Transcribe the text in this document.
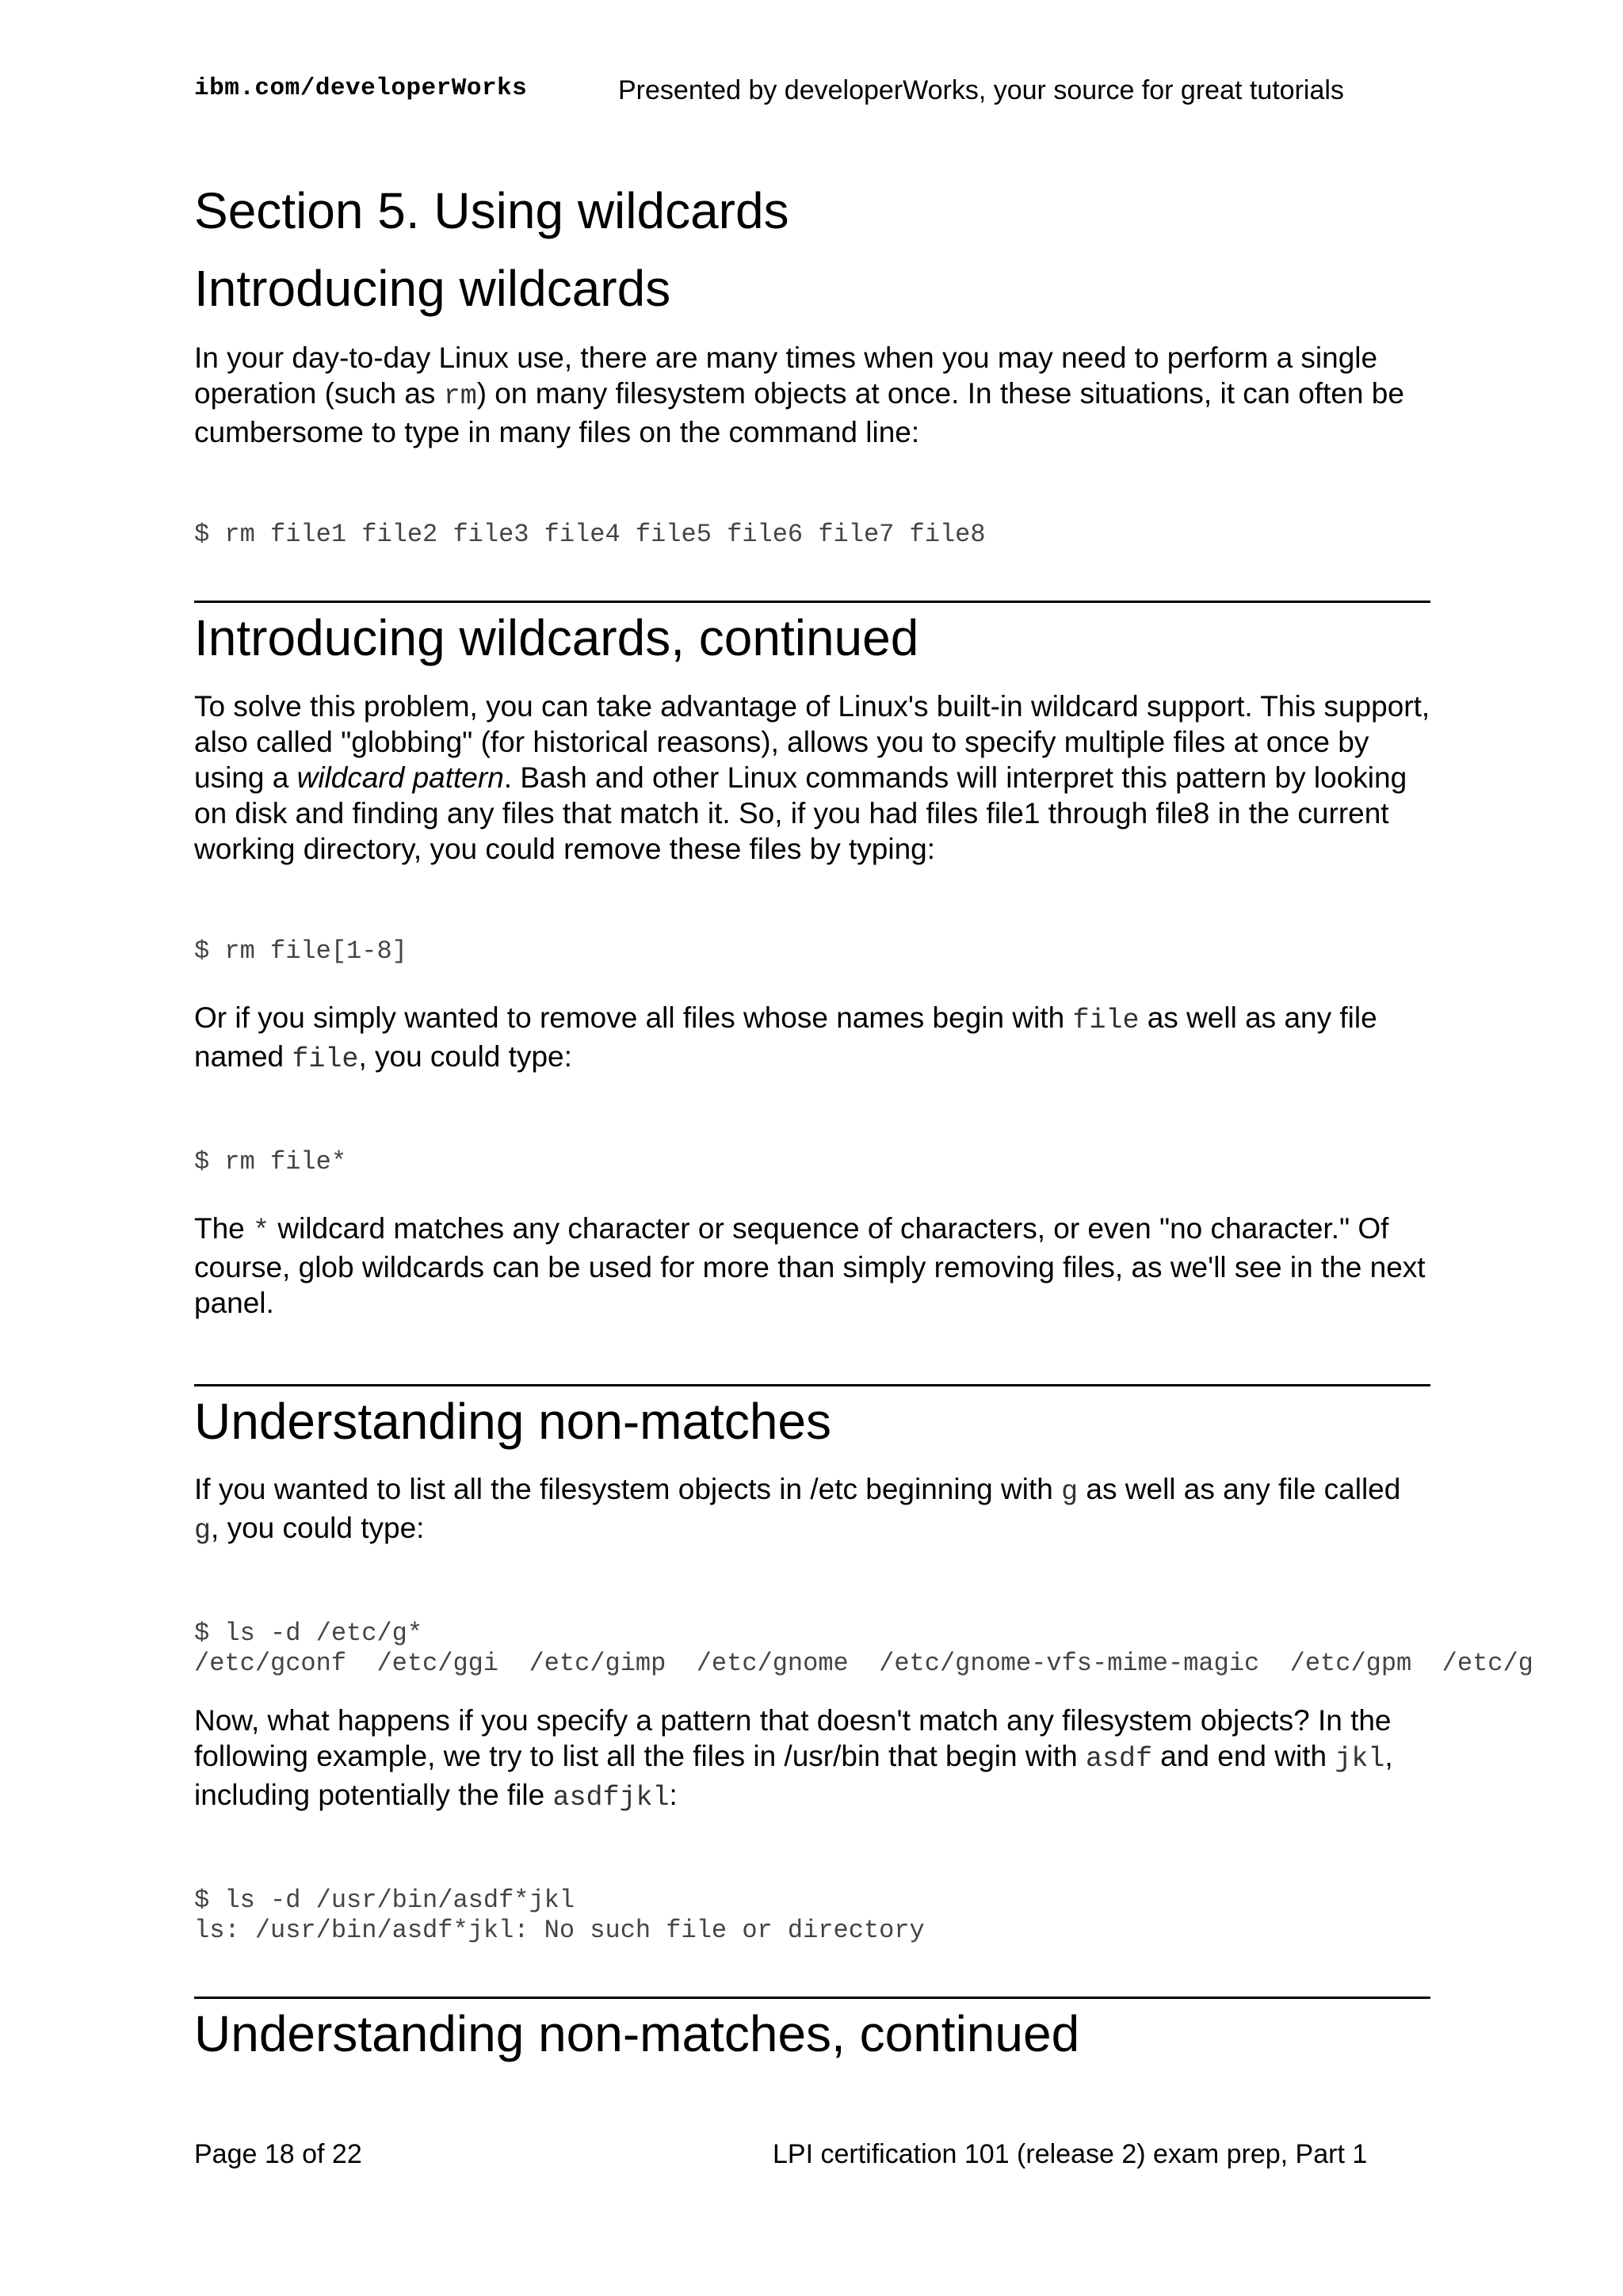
ibm.com/developerWorks	Presented by developerWorks, your source for great tutorials
Section 5. Using wildcards
Introducing wildcards

In your day-to-day Linux use, there are many times when you may need to perform a single operation (such as rm) on many filesystem objects at once. In these situations, it can often be cumbersome to type in many files on the command line:

$ rm file1 file2 file3 file4 file5 file6 file7 file8
Introducing wildcards, continued

To solve this problem, you can take advantage of Linux's built-in wildcard support. This support, also called "globbing" (for historical reasons), allows you to specify multiple files at once by using a wildcard pattern. Bash and other Linux commands will interpret this pattern by looking on disk and finding any files that match it. So, if you had files file1 through file8 in the current working directory, you could remove these files by typing:

$ rm file[1-8]

Or if you simply wanted to remove all files whose names begin with file as well as any file named file, you could type:

$ rm file*

The * wildcard matches any character or sequence of characters, or even "no character." Of course, glob wildcards can be used for more than simply removing files, as we'll see in the next panel.

Understanding non-matches

If you wanted to list all the filesystem objects in /etc beginning with g as well as any file called g, you could type:

$ ls -d /etc/g*
/etc/gconf  /etc/ggi  /etc/gimp  /etc/gnome  /etc/gnome-vfs-mime-magic  /etc/gpm  /etc/g

Now, what happens if you specify a pattern that doesn't match any filesystem objects? In the following example, we try to list all the files in /usr/bin that begin with asdf and end with jkl, including potentially the file asdfjkl:

$ ls -d /usr/bin/asdf*jkl
ls: /usr/bin/asdf*jkl: No such file or directory
Understanding non-matches, continued
Page 18 of 22	LPI certification 101 (release 2) exam prep, Part 1
